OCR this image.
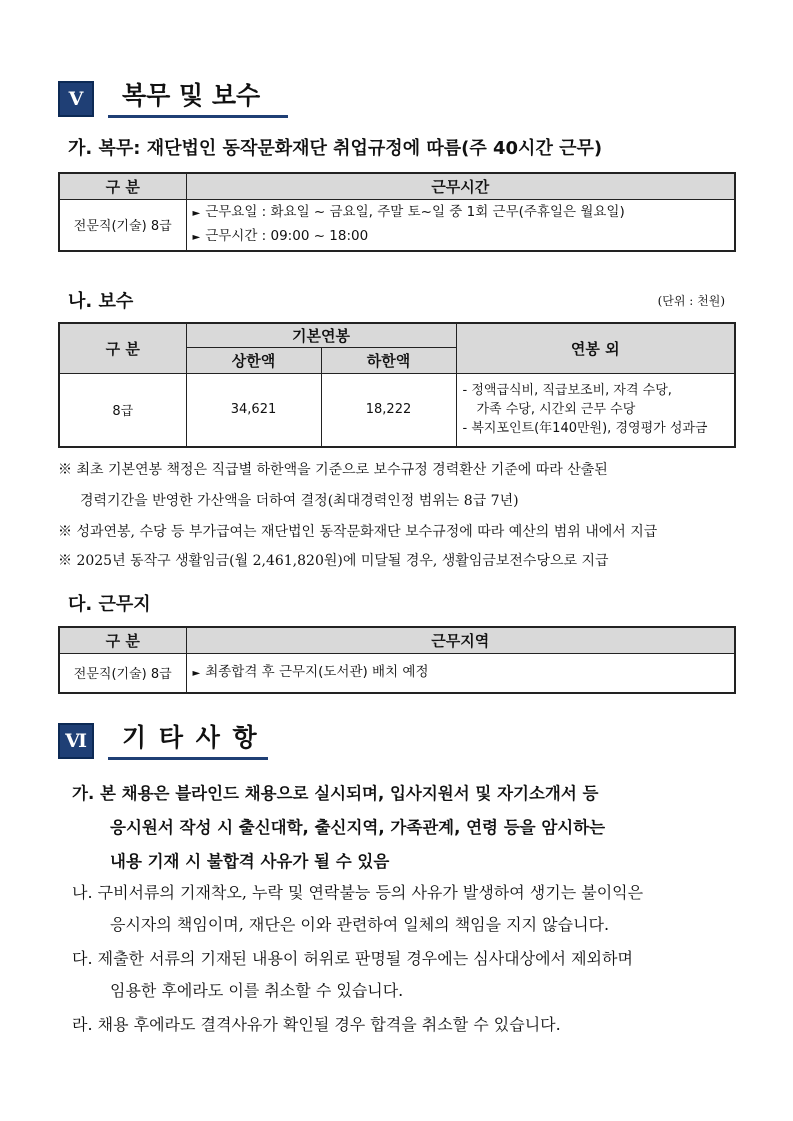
Ⅴ	복무 및 보수
가. 복무: 재단법인 동작문화재단 취업규정에 따름(주 40시간 근무)
구 분	근무시간
전문직(기술) 8급	► 근무요일 : 화요일 ~ 금요일, 주말 토~일 중 1회 근무(주휴일은 월요일)
► 근무시간 : 09:00 ~ 18:00
나. 보수	(단위 : 천원)
구 분	기본연봉		연봉 외
	상한액	하한액	
8급	34,621	18,222	- 정액급식비, 직급보조비, 자격 수당,
가족 수당, 시간외 근무 수당
- 복지포인트(年140만원), 경영평가 성과금
※ 최초 기본연봉 책정은 직급별 하한액을 기준으로 보수규정 경력환산 기준에 따라 산출된
경력기간을 반영한 가산액을 더하여 결정(최대경력인정 범위는 8급 7년)
※ 성과연봉, 수당 등 부가급여는 재단법인 동작문화재단 보수규정에 따라 예산의 범위 내에서 지급
※ 2025년 동작구 생활임금(월 2,461,820원)에 미달될 경우, 생활임금보전수당으로 지급
다. 근무지
구 분	근무지역
전문직(기술) 8급	► 최종합격 후 근무지(도서관) 배치 예정
Ⅵ	기 타 사 항
가. 본 채용은 블라인드 채용으로 실시되며, 입사지원서 및 자기소개서 등
응시원서 작성 시 출신대학, 출신지역, 가족관계, 연령 등을 암시하는
내용 기재 시 불합격 사유가 될 수 있음
나. 구비서류의 기재착오, 누락 및 연락불능 등의 사유가 발생하여 생기는 불이익은
응시자의 책임이며, 재단은 이와 관련하여 일체의 책임을 지지 않습니다.
다. 제출한 서류의 기재된 내용이 허위로 판명될 경우에는 심사대상에서 제외하며
임용한 후에라도 이를 취소할 수 있습니다.
라. 채용 후에라도 결격사유가 확인될 경우 합격을 취소할 수 있습니다.
